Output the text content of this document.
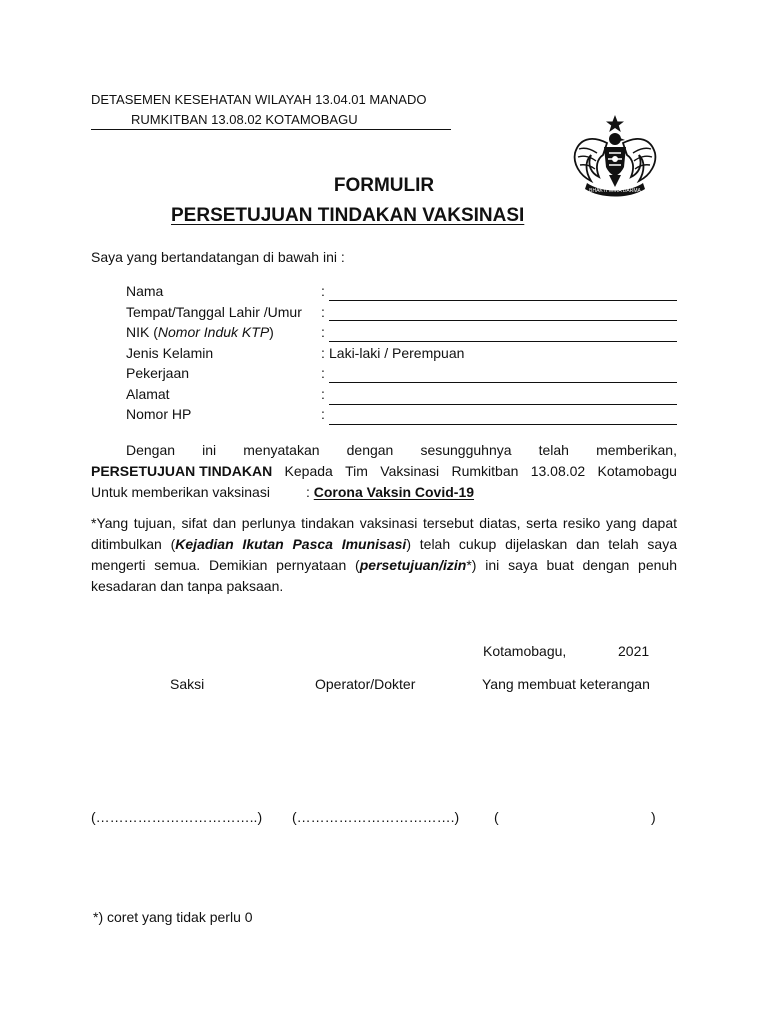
DETASEMEN KESEHATAN WILAYAH 13.04.01 MANADO
RUMKITBAN 13.08.02 KOTAMOBAGU
BHAKTI WIRA DARMA
FORMULIR
PERSETUJUAN TINDAKAN VAKSINASI
Saya yang bertandatangan di bawah ini :
Nama	:
Tempat/Tanggal Lahir /Umur :
NIK (Nomor Induk KTP)	:
Jenis Kelamin	: Laki-laki / Perempuan
Pekerjaan	:
Alamat	:
Nomor HP	:
Dengan ini menyatakan dengan sesungguhnya telah memberikan,
PERSETUJUAN TINDAKAN Kepada Tim Vaksinasi Rumkitban 13.08.02 Kotamobagu
Untuk memberikan vaksinasi	:
Corona Vaksin Covid-19
*Yang tujuan, sifat dan perlunya tindakan vaksinasi tersebut diatas, serta resiko yang dapat ditimbulkan (Kejadian Ikutan Pasca Imunisasi) telah cukup dijelaskan dan telah saya mengerti semua. Demikian pernyataan (persetujuan/izin*) ini saya buat dengan penuh kesadaran dan tanpa paksaan.
Kotamobagu,	2021
Saksi	Operator/Dokter	Yang membuat keterangan
(……………………………..) (…………………………….) (	)
*) coret yang tidak perlu 0
